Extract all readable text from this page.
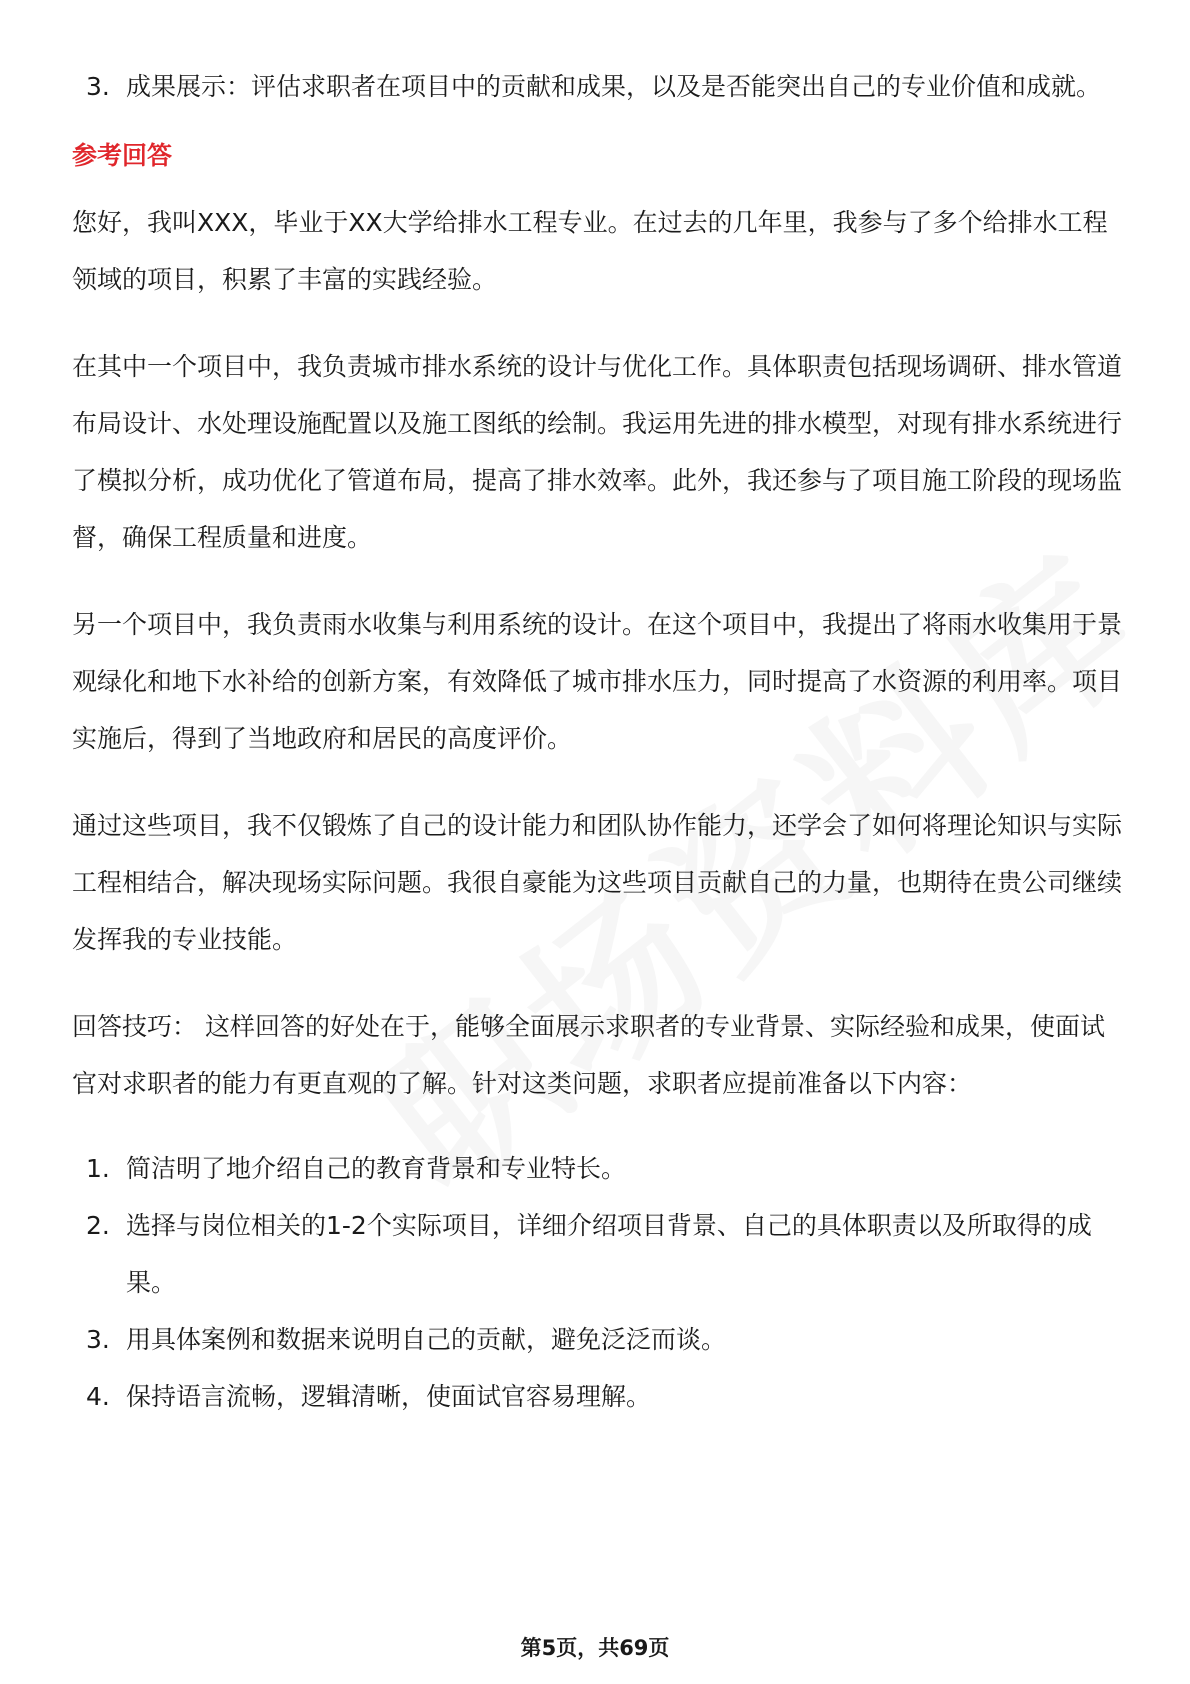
3. 成果展示：评估求职者在项目中的贡献和成果，以及是否能突出自己的专业价值和成就。
参考回答

您好，我叫XXX，毕业于XX大学给排水工程专业。在过去的几年里，我参与了多个给排水工程领域的项目，积累了丰富的实践经验。

在其中一个项目中，我负责城市排水系统的设计与优化工作。具体职责包括现场调研、排水管道布局设计、水处理设施配置以及施工图纸的绘制。我运用先进的排水模型，对现有排水系统进行了模拟分析，成功优化了管道布局，提高了排水效率。此外，我还参与了项目施工阶段的现场监督，确保工程质量和进度。

另一个项目中，我负责雨水收集与利用系统的设计。在这个项目中，我提出了将雨水收集用于景观绿化和地下水补给的创新方案，有效降低了城市排水压力，同时提高了水资源的利用率。项目实施后，得到了当地政府和居民的高度评价。

通过这些项目，我不仅锻炼了自己的设计能力和团队协作能力，还学会了如何将理论知识与实际工程相结合，解决现场实际问题。我很自豪能为这些项目贡献自己的力量，也期待在贵公司继续发挥我的专业技能。

回答技巧： 这样回答的好处在于，能够全面展示求职者的专业背景、实际经验和成果，使面试官对求职者的能力有更直观的了解。针对这类问题，求职者应提前准备以下内容：

1. 简洁明了地介绍自己的教育背景和专业特长。
2. 选择与岗位相关的1-2个实际项目，详细介绍项目背景、自己的具体职责以及所取得的成果。
3. 用具体案例和数据来说明自己的贡献，避免泛泛而谈。
4. 保持语言流畅，逻辑清晰，使面试官容易理解。
第5页，共69页
